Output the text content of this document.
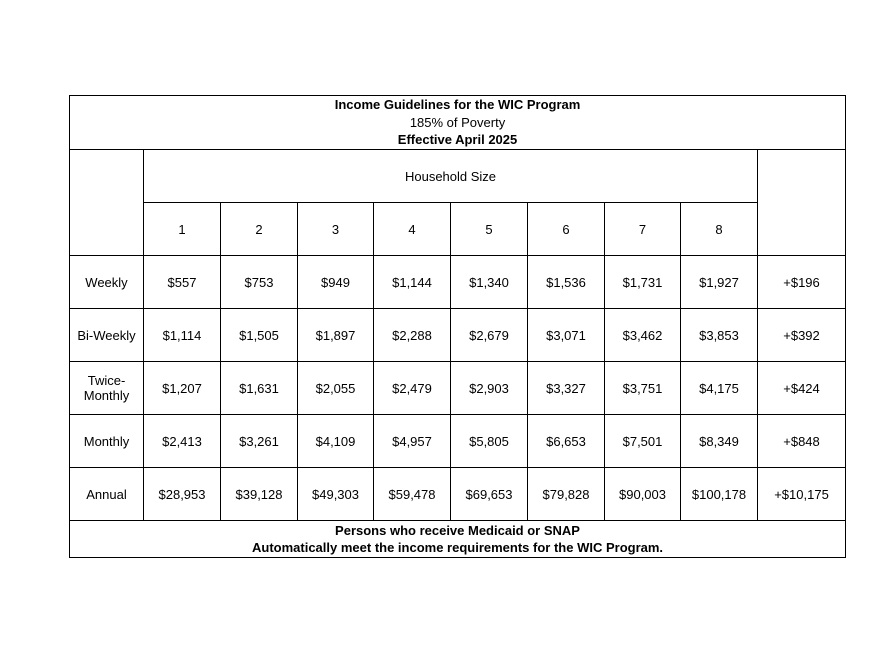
Income Guidelines for the WIC Program
185% of Poverty
Effective April 2025									

	Household Size								
	1	2	3	4	5	6	7	8	
Weekly	$557	$753	$949	$1,144	$1,340	$1,536	$1,731	$1,927	+$196
Bi-Weekly	$1,114	$1,505	$1,897	$2,288	$2,679	$3,071	$3,462	$3,853	+$392
Twice-
Monthly	$1,207	$1,631	$2,055	$2,479	$2,903	$3,327	$3,751	$4,175	+$424
Monthly	$2,413	$3,261	$4,109	$4,957	$5,805	$6,653	$7,501	$8,349	+$848
Annual	$28,953	$39,128	$49,303	$59,478	$69,653	$79,828	$90,003	$100,178	+$10,175

Persons who receive Medicaid or SNAP
Automatically meet the income requirements for the WIC Program.									
